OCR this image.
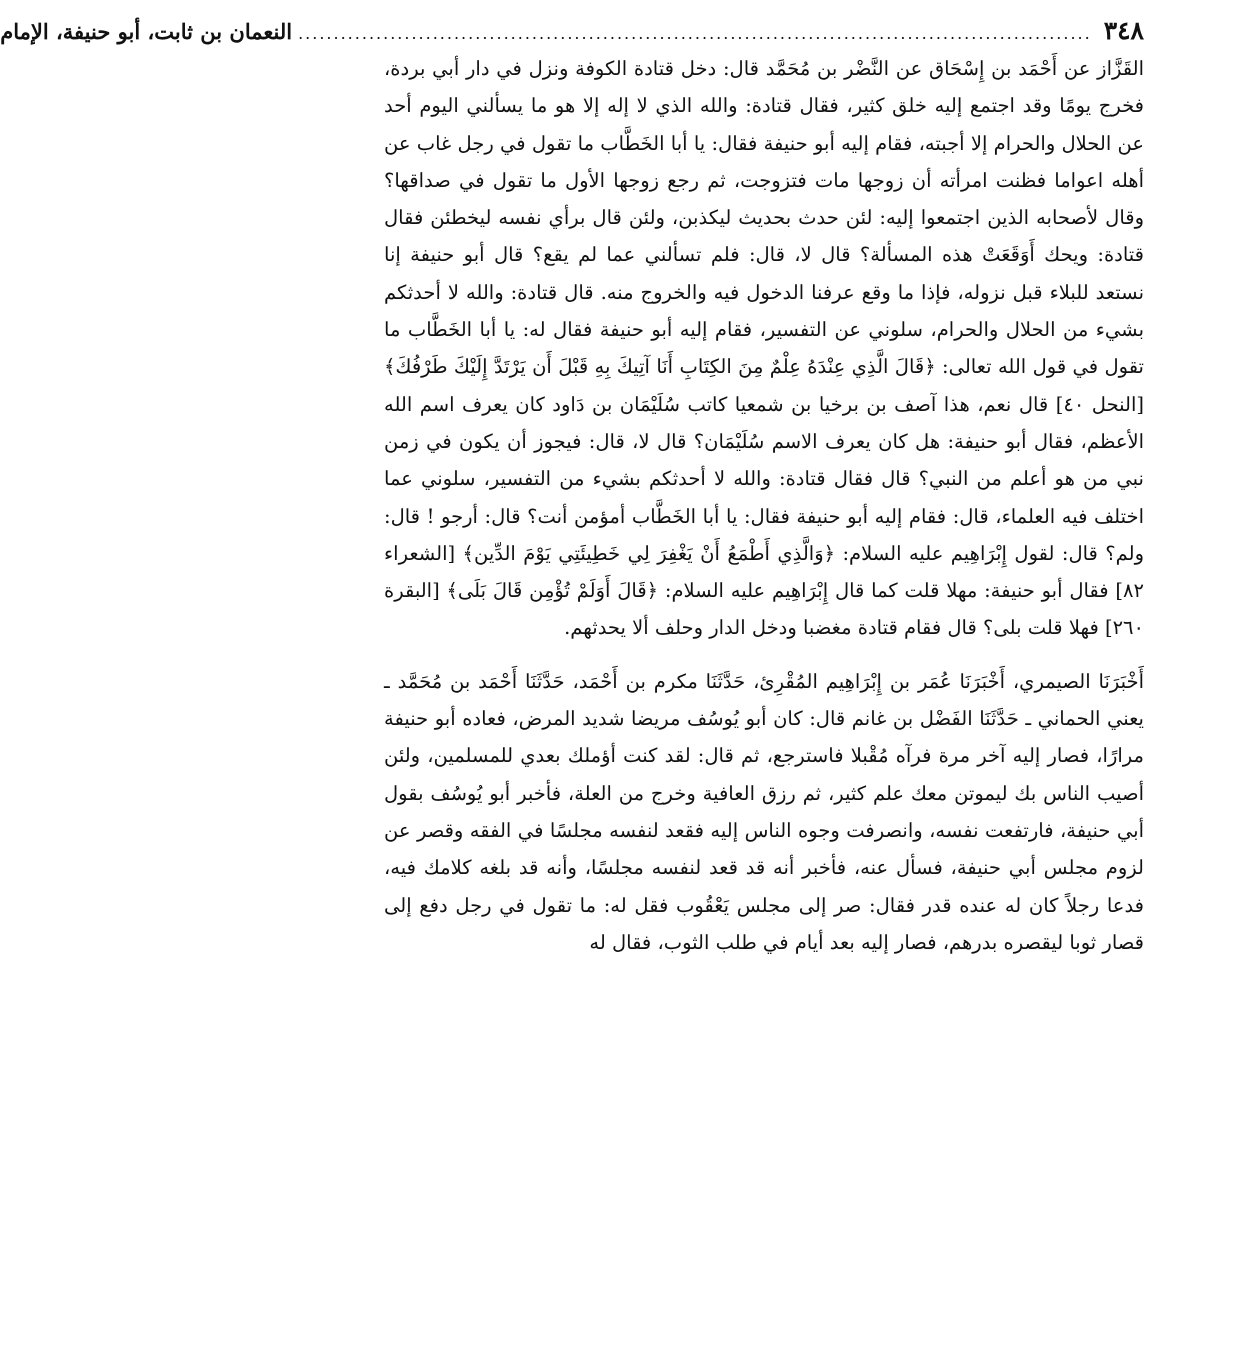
٣٤٨
................................................................................................................
النعمان بن ثابت، أبو حنيفة، الإمام

القَزَّاز عن أَحْمَد بن إِسْحَاق عن النَّضْر بن مُحَمَّد قال: دخل قتادة الكوفة ونزل في دار أبي بردة، فخرج يومًا وقد اجتمع إليه خلق كثير، فقال قتادة: والله الذي لا إله إلا هو ما يسألني اليوم أحد عن الحلال والحرام إلا أجبته، فقام إليه أبو حنيفة فقال: يا أبا الخَطَّاب ما تقول في رجل غاب عن أهله اعواما فظنت امرأته أن زوجها مات فتزوجت، ثم رجع زوجها الأول ما تقول في صداقها؟ وقال لأصحابه الذين اجتمعوا إليه: لئن حدث بحديث ليكذبن، ولئن قال برأي نفسه ليخطئن فقال قتادة: ويحك أَوَقَعَتْ هذه المسألة؟ قال لا، قال: فلم تسألني عما لم يقع؟ قال أبو حنيفة إنا نستعد للبلاء قبل نزوله، فإذا ما وقع عرفنا الدخول فيه والخروج منه. قال قتادة: والله لا أحدثكم بشيء من الحلال والحرام، سلوني عن التفسير، فقام إليه أبو حنيفة فقال له: يا أبا الخَطَّاب ما تقول في قول الله تعالى: ﴿قَالَ الَّذِي عِنْدَهُ عِلْمٌ مِنَ الكِتَابِ أَنَا آتِيكَ بِهِ قَبْلَ أَن يَرْتَدَّ إِلَيْكَ طَرْفُكَ﴾ [النحل ٤٠] قال نعم، هذا آصف بن برخيا بن شمعيا كاتب سُلَيْمَان بن دَاود كان يعرف اسم الله الأعظم، فقال أبو حنيفة: هل كان يعرف الاسم سُلَيْمَان؟ قال لا، قال: فيجوز أن يكون في زمن نبي من هو أعلم من النبي؟ قال فقال قتادة: والله لا أحدثكم بشيء من التفسير، سلوني عما اختلف فيه العلماء، قال: فقام إليه أبو حنيفة فقال: يا أبا الخَطَّاب أمؤمن أنت؟ قال: أرجو ! قال: ولم؟ قال: لقول إِبْرَاهِيم عليه السلام: ﴿وَالَّذِي أَطْمَعُ أَنْ يَغْفِرَ لِي خَطِيئَتِي يَوْمَ الدِّين﴾ [الشعراء ٨٢] فقال أبو حنيفة: مهلا قلت كما قال إِبْرَاهِيم عليه السلام: ﴿قَالَ أَوَلَمْ تُؤْمِن قَالَ بَلَى﴾ [البقرة ٢٦٠] فهلا قلت بلى؟ قال فقام قتادة مغضبا ودخل الدار وحلف ألا يحدثهم.

أَخْبَرَنَا الصيمري، أَخْبَرَنَا عُمَر بن إِبْرَاهِيم المُقْرِئ، حَدَّثَنَا مكرم بن أَحْمَد، حَدَّثَنَا أَحْمَد بن مُحَمَّد ـ يعني الحماني ـ حَدَّثَنَا الفَضْل بن غانم قال: كان أبو يُوسُف مريضا شديد المرض، فعاده أبو حنيفة مرارًا، فصار إليه آخر مرة فرآه مُقْبلا فاسترجع، ثم قال: لقد كنت أؤملك بعدي للمسلمين، ولئن أصيب الناس بك ليموتن معك علم كثير، ثم رزق العافية وخرج من العلة، فأخبر أبو يُوسُف بقول أبي حنيفة، فارتفعت نفسه، وانصرفت وجوه الناس إليه فقعد لنفسه مجلسًا في الفقه وقصر عن لزوم مجلس أبي حنيفة، فسأل عنه، فأخبر أنه قد قعد لنفسه مجلسًا، وأنه قد بلغه كلامك فيه، فدعا رجلاً كان له عنده قدر فقال: صر إلى مجلس يَعْقُوب فقل له: ما تقول في رجل دفع إلى قصار ثوبا ليقصره بدرهم، فصار إليه بعد أيام في طلب الثوب، فقال له
